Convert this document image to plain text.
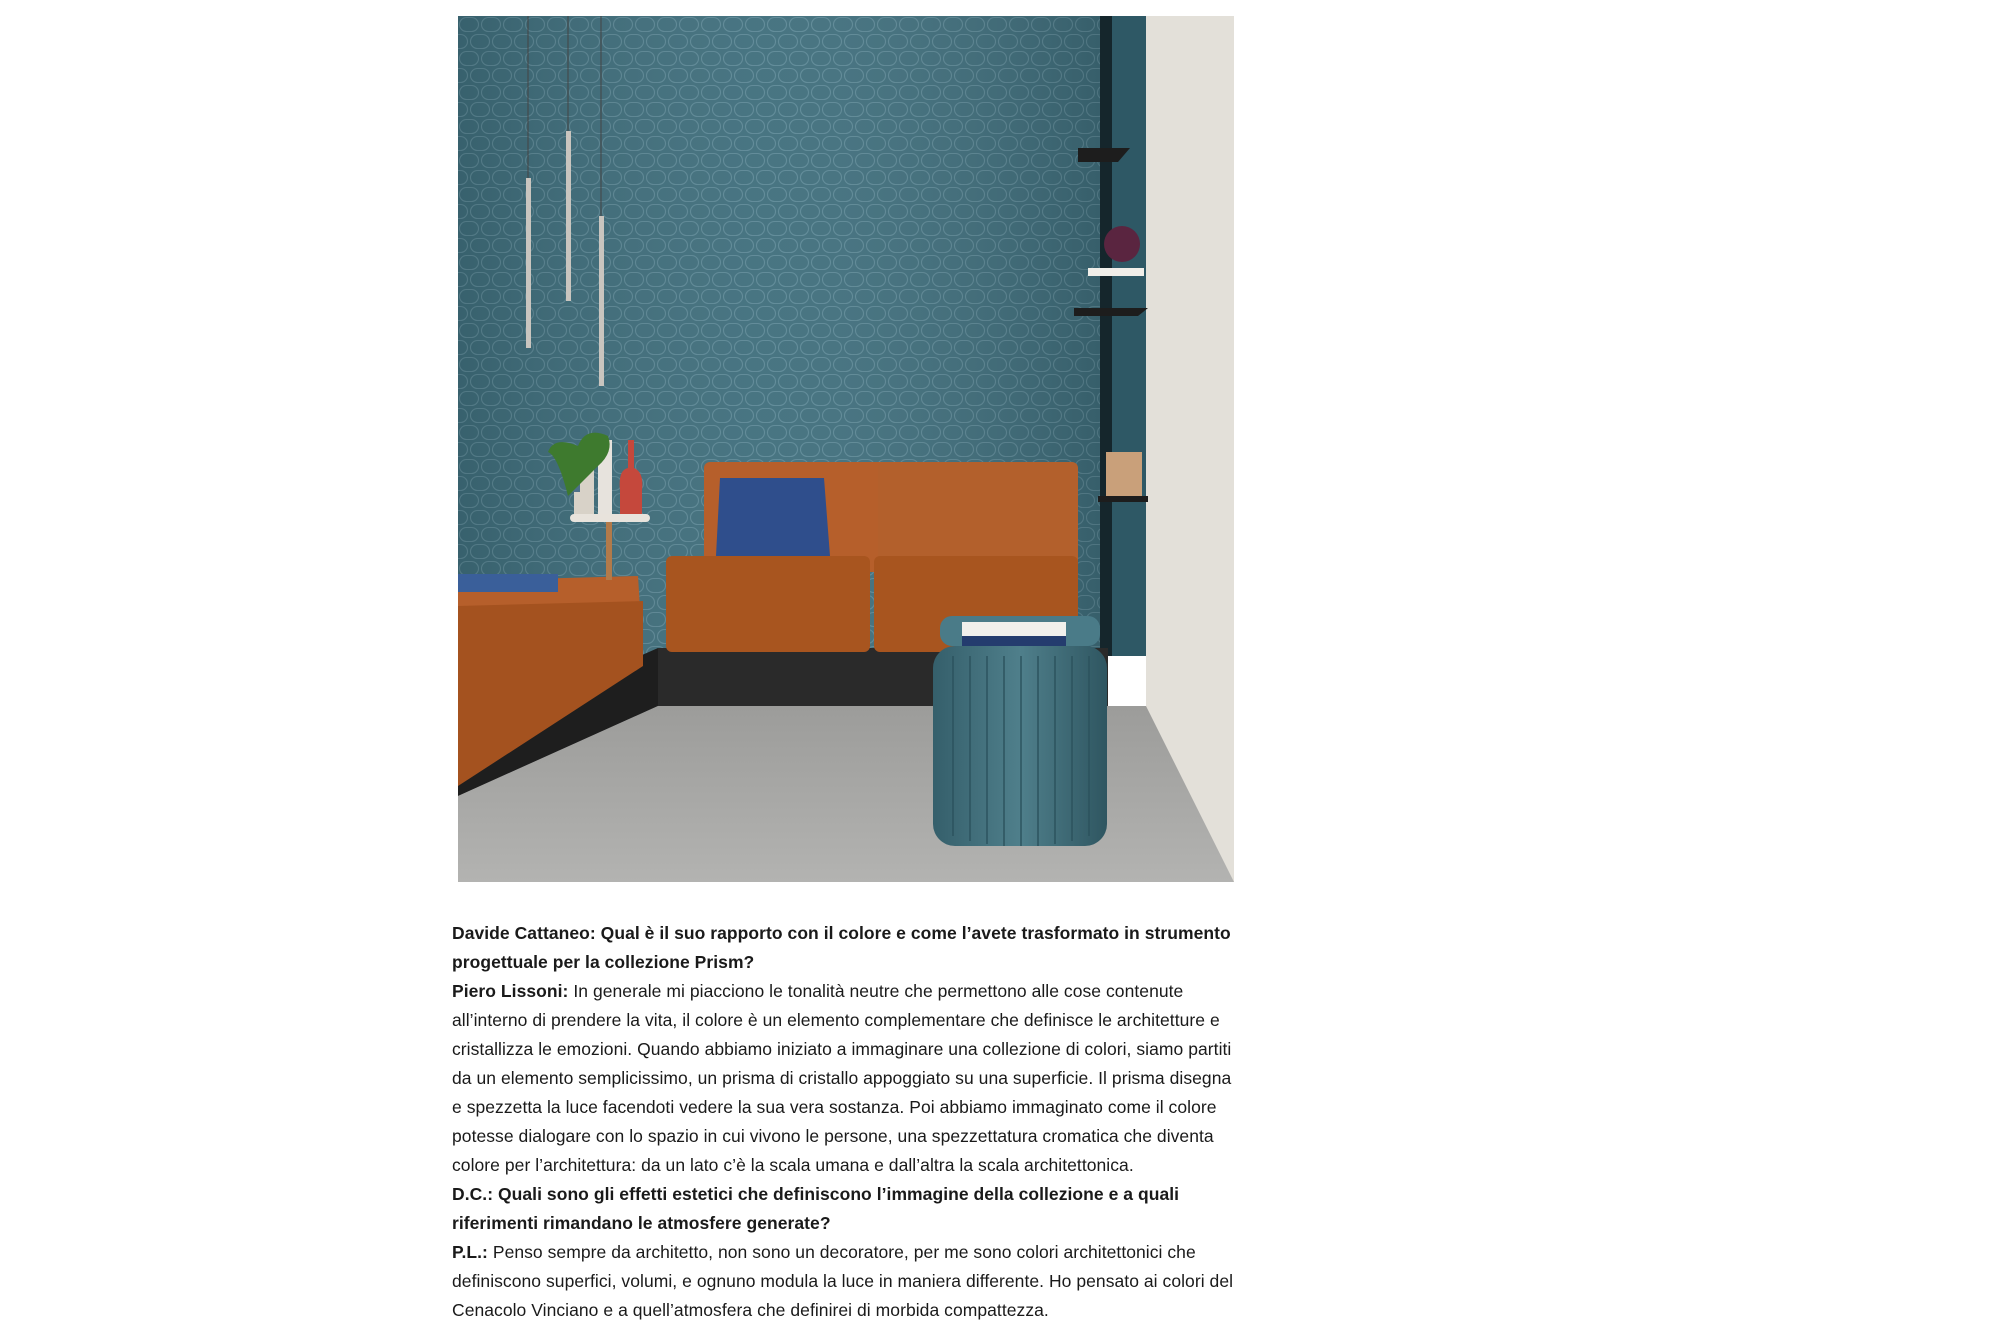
Davide Cattaneo: Qual è il suo rapporto con il colore e come l’avete trasformato in strumento progettuale per la collezione Prism?

Piero Lissoni: In generale mi piacciono le tonalità neutre che permettono alle cose contenute all’interno di prendere la vita, il colore è un elemento complementare che definisce le architetture e cristallizza le emozioni. Quando abbiamo iniziato a immaginare una collezione di colori, siamo partiti da un elemento semplicissimo, un prisma di cristallo appoggiato su una superficie. Il prisma disegna e spezzetta la luce facendoti vedere la sua vera sostanza. Poi abbiamo immaginato come il colore potesse dialogare con lo spazio in cui vivono le persone, una spezzettatura cromatica che diventa colore per l’architettura: da un lato c’è la scala umana e dall’altra la scala architettonica.

D.C.: Quali sono gli effetti estetici che definiscono l’immagine della collezione e a quali riferimenti rimandano le atmosfere generate?

P.L.: Penso sempre da architetto, non sono un decoratore, per me sono colori architettonici che definiscono superfici, volumi, e ognuno modula la luce in maniera differente. Ho pensato ai colori del Cenacolo Vinciano e a quell’atmosfera che definirei di morbida compattezza.
